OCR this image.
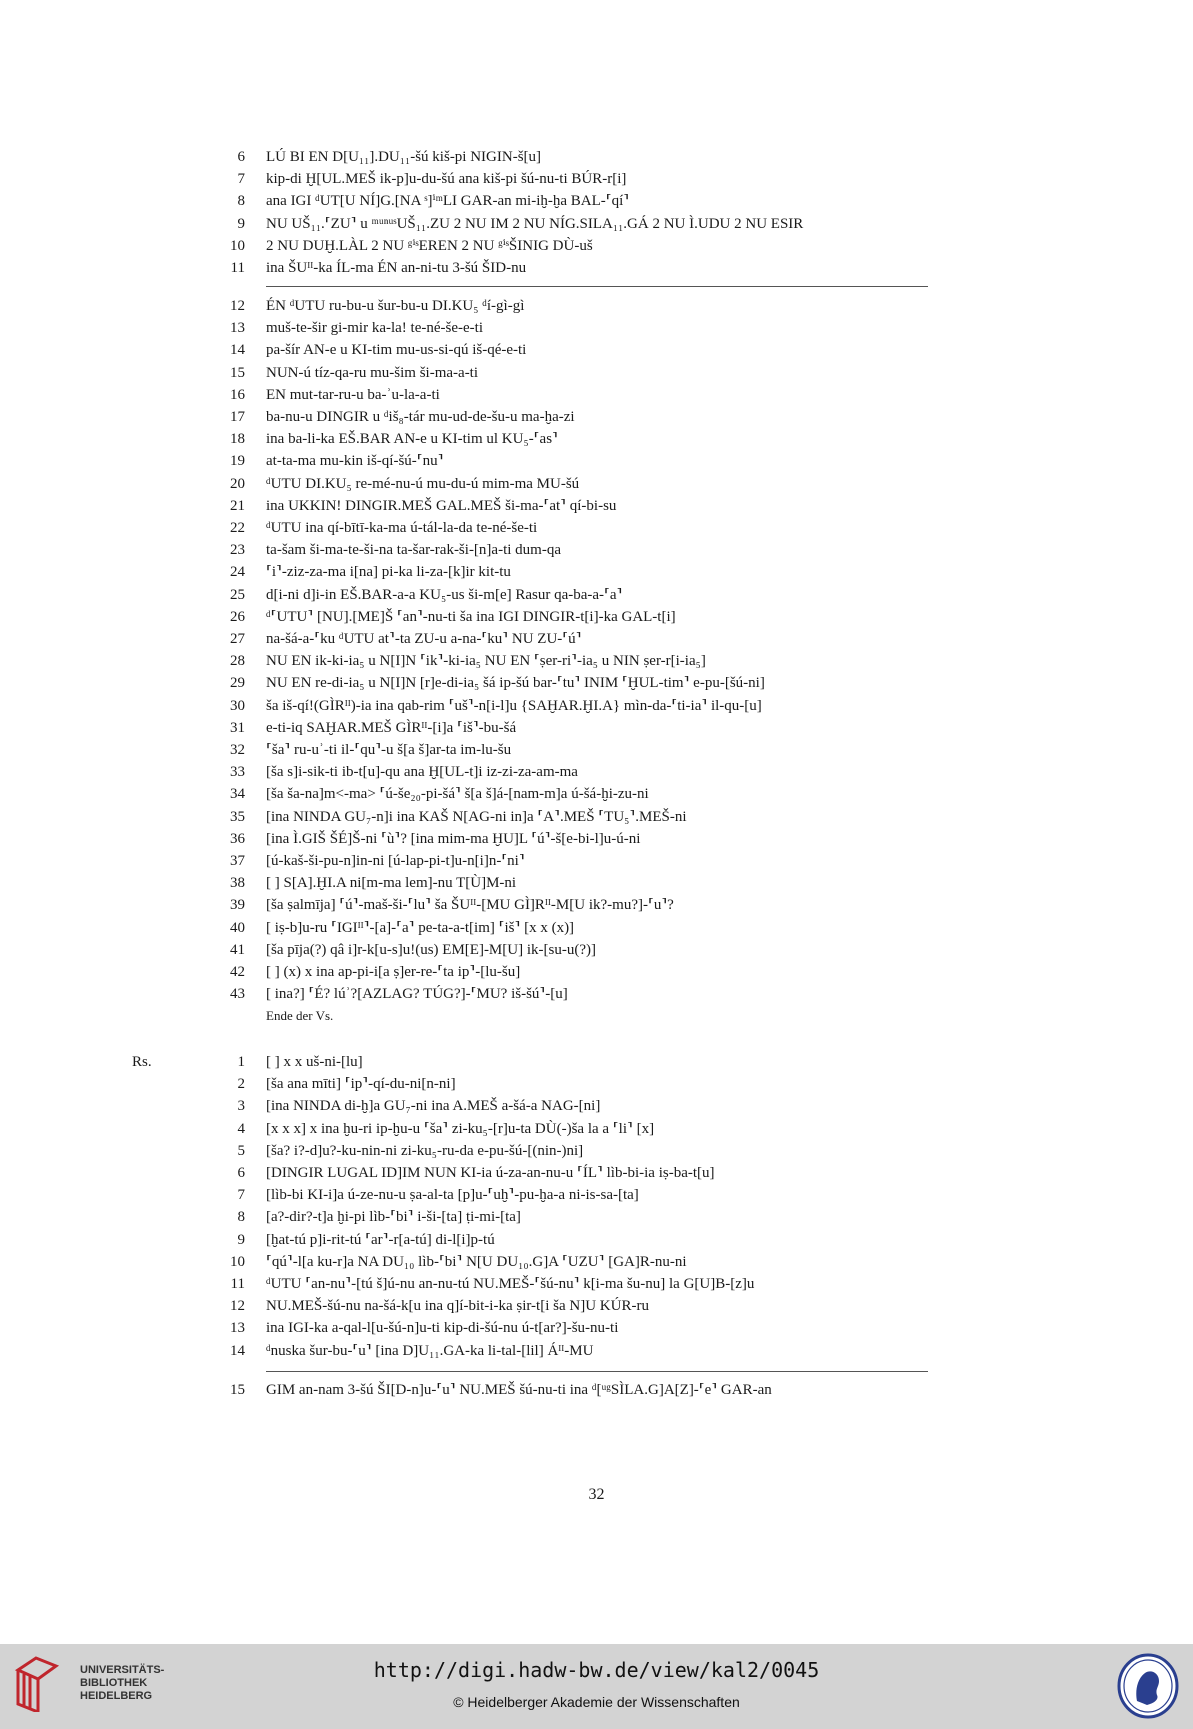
6 LÚ BI EN D[U₁₁].DU₁₁-šú kiš-pi NIGIN-š[u]
7 kip-di Ḫ[UL.MEŠ ik-p]u-du-šú ana kiš-pi šú-nu-ti BÚR-r[i]
8 ana IGI ᵈUT[U NÍ]G.[NA ˢ]ⁱᵐLI GAR-an mi-iḫ-ḫa BAL-⸢qí⸣
9 NU UŠ₁₁.⸢ZU⸣ u ᵐᵘⁿᵘˢUŠ₁₁.ZU 2 NU IM 2 NU NÍG.SILA₁₁.GÁ 2 NU Ì.UDU 2 NU ESIR
10 2 NU DUḪ.LÀL 2 NU ᵍⁱˢEREN 2 NU ᵍⁱˢŠINIG DÙ-uš
11 ina ŠUᴵᴵ-ka ÍL-ma ÉN an-ni-tu 3-šú ŠID-nu
12 ÉN ᵈUTU ru-bu-u šur-bu-u DI.KU₅ ᵈí-gì-gì
13 muš-te-šir gi-mir ka-la! te-né-še-e-ti
14 pa-šír AN-e u KI-tim mu-us-si-qú iš-qé-e-ti
15 NUN-ú tíz-qa-ru mu-šim ši-ma-a-ti
16 EN mut-tar-ru-u ba-ʾu-la-a-ti
17 ba-nu-u DINGIR u ᵈiš₈-tár mu-ud-de-šu-u ma-ḫa-zi
18 ina ba-li-ka EŠ.BAR AN-e u KI-tim ul KU₅-⸢as⸣
19 at-ta-ma mu-kin iš-qí-šú-⸢nu⸣
20 ᵈUTU DI.KU₅ re-mé-nu-ú mu-du-ú mim-ma MU-šú
21 ina UKKIN! DINGIR.MEŠ GAL.MEŠ ši-ma-⸢at⸣ qí-bi-su
22 ᵈUTU ina qí-bītī-ka-ma ú-tál-la-da te-né-še-ti
23 ta-šam ši-ma-te-ši-na ta-šar-rak-ši-[n]a-ti dum-qa
24 ⸢i⸣-ziz-za-ma i[na] pi-ka li-za-[k]ir kit-tu
25 d[i-ni d]i-in EŠ.BAR-a-a KU₅-us ši-m[e] Rasur qa-ba-a-⸢a⸣
26 ᵈ⸢UTU⸣ [NU].[ME]Š ⸢an⸣-nu-ti ša ina IGI DINGIR-t[i]-ka GAL-t[i]
27 na-šá-a-⸢ku ᵈUTU at⸣-ta ZU-u a-na-⸢ku⸣ NU ZU-⸢ú⸣
28 NU EN ik-ki-ia₅ u N[I]N ⸢ik⸣-ki-ia₅ NU EN ⸢ṣer-ri⸣-ia₅ u NIN ṣer-r[i-ia₅]
29 NU EN re-di-ia₅ u N[I]N [r]e-di-ia₅ šá ip-šú bar-⸢tu⸣ INIM ⸢ḪUL-tim⸣ e-pu-[šú-ni]
30 ša iš-qí!(GÌRᴵᴵ)-ia ina qab-rim ⸢uš⸣-n[i-l]u {SAḪAR.ḪI.A} mìn-da-⸢ti-ia⸣ il-qu-[u]
31 e-ti-iq SAḪAR.MEŠ GÌRᴵᴵ-[i]a ⸢iš⸣-bu-šá
32 ⸢ša⸣ ru-uʾ-ti il-⸢qu⸣-u š[a š]ar-ta im-lu-šu
33 [ša s]i-sik-ti ib-t[u]-qu ana Ḫ[UL-t]i iz-zi-za-am-ma
34 [ša ša-na]m<-ma> ⸢ú-še₂₀-pi-šá⸣ š[a š]á-[nam-m]a ú-šá-ḫi-zu-ni
35 [ina NINDA GU₇-n]i ina KAŠ N[AG-ni in]a ⸢A⸣.MEŠ ⸢TU₅⸣.MEŠ-ni
36 [ina Ì.GIŠ ŠÉ]Š-ni ⸢ù⸣? [ina mim-ma ḪU]L ⸢ú⸣-š[e-bi-l]u-ú-ni
37 [ú-kaš-ši-pu-n]in-ni [ú-lap-pi-t]u-n[i]n-⸢ni⸣
38 [ ] S[A].ḪI.A ni[m-ma lem]-nu T[Ù]M-ni
39 [ša ṣalmīja] ⸢ú⸣-maš-ši-⸢lu⸣ ša ŠUᴵᴵ-[MU GÌ]Rᴵᴵ-M[U ik?-mu?]-⸢u⸣?
40 [ iṣ-b]u-ru ⸢IGIᴵᴵ⸣-[a]-⸢a⸣ pe-ta-a-t[im] ⸢iš⸣ [x x (x)]
41 [ša pīja(?) qâ i]r-k[u-s]u!(us) EM[E]-M[U] ik-[su-u(?)]
42 [ ] (x) x ina ap-pi-i[a ṣ]er-re-⸢ta ip⸣-[lu-šu]
43 [ ina?] ⸢É? lúʾ?[AZLAG? TÚG?]-⸢MU? iš-šú⸣-[u]
Ende der Vs.
1 [ ] x x uš-ni-[lu]
Rs.
2 [ša ana mīti] ⸢ip⸣-qí-du-ni[n-ni]
3 [ina NINDA di-ḫ]a GU₇-ni ina A.MEŠ a-šá-a NAG-[ni]
4 [x x x] x ina ḫu-ri ip-ḫu-u ⸢ša⸣ zi-ku₅-[r]u-ta DÙ(-)ša la a ⸢li⸣ [x]
5 [ša? i?-d]u?-ku-nin-ni zi-ku₅-ru-da e-pu-šú-[(nin-)ni]
6 [DINGIR LUGAL ID]IM NUN KI-ia ú-za-an-nu-u ⸢ÍL⸣ lìb-bi-ia iṣ-ba-t[u]
7 [lìb-bi KI-i]a ú-ze-nu-u ṣa-al-ta [p]u-⸢uḫ⸣-pu-ḫa-a ni-is-sa-[ta]
8 [a?-dir?-t]a ḫi-pi lìb-⸢bi⸣ i-ši-[ta] ṭi-mi-[ta]
9 [ḫat-tú p]i-rit-tú ⸢ar⸣-r[a-tú] di-l[i]p-tú
10 ⸢qú⸣-l[a ku-r]a NA DU₁₀ lìb-⸢bi⸣ N[U DU₁₀.G]A ⸢UZU⸣ [GA]R-nu-ni
11 ᵈUTU ⸢an-nu⸣-[tú š]ú-nu an-nu-tú NU.MEŠ-⸢šú-nu⸣ k[i-ma šu-nu] la G[U]B-[z]u
12 NU.MEŠ-šú-nu na-šá-k[u ina q]í-bit-i-ka ṣir-t[i ša N]U KÚR-ru
13 ina IGI-ka a-qal-l[u-šú-n]u-ti kip-di-šú-nu ú-t[ar?]-šu-nu-ti
14 ᵈnuska šur-bu-⸢u⸣ [ina D]U₁₁.GA-ka li-tal-[lil] Áᴵᴵ-MU
15 GIM an-nam 3-šú ŠI[D-n]u-⸢u⸣ NU.MEŠ šú-nu-ti ina ᵈ[ᵘᵍSÌLA.G]A[Z]-⸢e⸣ GAR-an
32
UNIVERSITÄTS-
BIBLIOTHEK
HEIDELBERG
http://digi.hadw-bw.de/view/kal2/0045
© Heidelberger Akademie der Wissenschaften
